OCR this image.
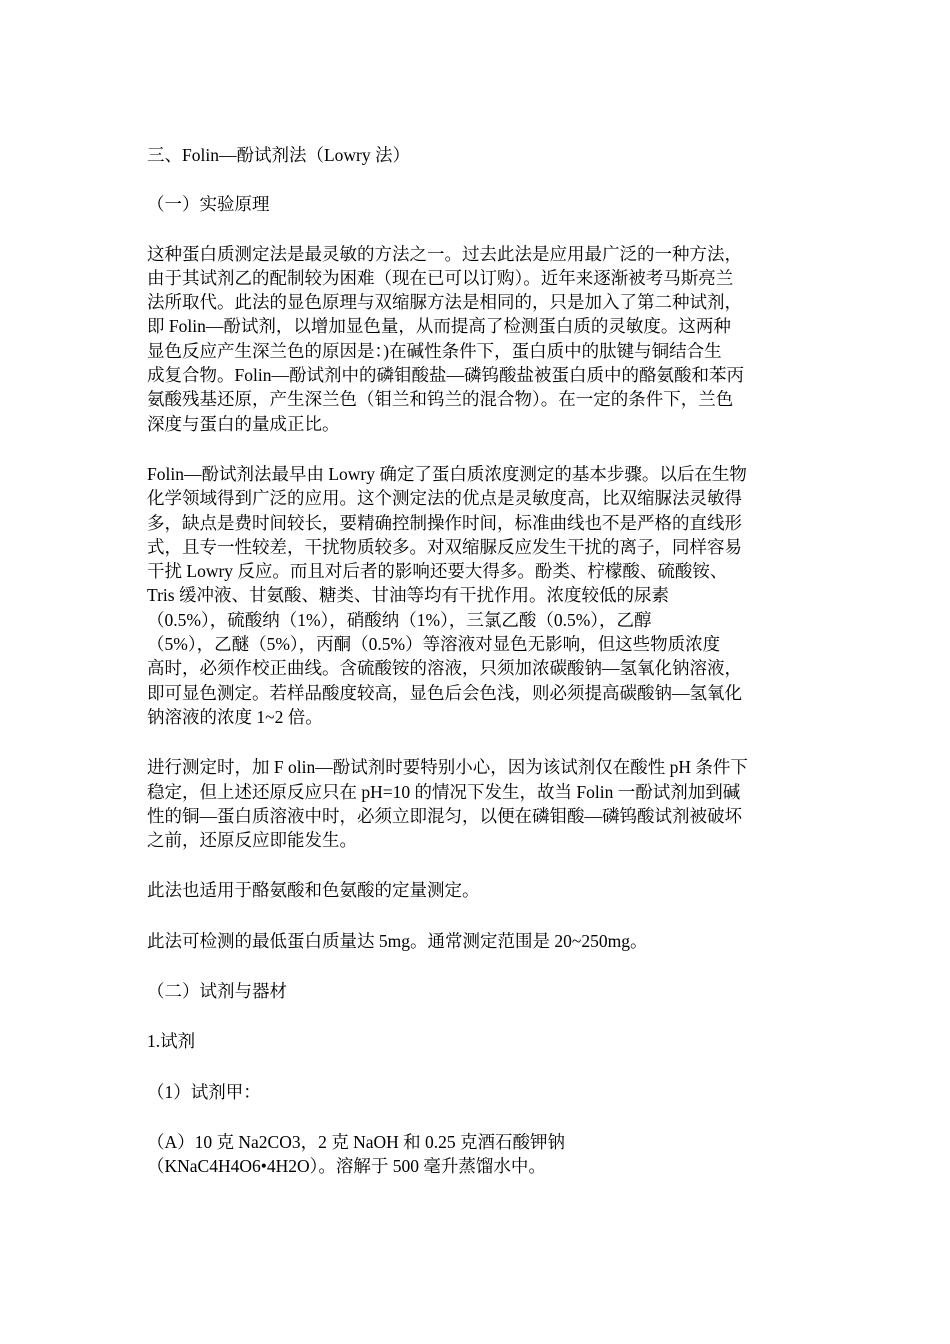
三、Folin—酚试剂法（Lowry 法）
（一）实验原理
这种蛋白质测定法是最灵敏的方法之一。过去此法是应用最广泛的一种方法，
由于其试剂乙的配制较为困难（现在已可以订购）。近年来逐渐被考马斯亮兰
法所取代。此法的显色原理与双缩脲方法是相同的，只是加入了第二种试剂，
即 Folin—酚试剂，以增加显色量，从而提高了检测蛋白质的灵敏度。这两种
显色反应产生深兰色的原因是：)在碱性条件下，蛋白质中的肽键与铜结合生
成复合物。Folin—酚试剂中的磷钼酸盐—磷钨酸盐被蛋白质中的酪氨酸和苯丙
氨酸残基还原，产生深兰色（钼兰和钨兰的混合物）。在一定的条件下，兰色
深度与蛋白的量成正比。
Folin—酚试剂法最早由 Lowry 确定了蛋白质浓度测定的基本步骤。以后在生物
化学领域得到广泛的应用。这个测定法的优点是灵敏度高，比双缩脲法灵敏得
多，缺点是费时间较长，要精确控制操作时间，标准曲线也不是严格的直线形
式，且专一性较差，干扰物质较多。对双缩脲反应发生干扰的离子，同样容易
干扰 Lowry 反应。而且对后者的影响还要大得多。酚类、柠檬酸、硫酸铵、
Tris 缓冲液、甘氨酸、糖类、甘油等均有干扰作用。浓度较低的尿素
（0.5%），硫酸纳（1%），硝酸纳（1%），三氯乙酸（0.5%），乙醇
（5%），乙醚（5%），丙酮（0.5%）等溶液对显色无影响，但这些物质浓度
高时，必须作校正曲线。含硫酸铵的溶液，只须加浓碳酸钠—氢氧化钠溶液，
即可显色测定。若样品酸度较高，显色后会色浅，则必须提高碳酸钠—氢氧化
钠溶液的浓度 1~2 倍。
进行测定时，加 F olin—酚试剂时要特别小心，因为该试剂仅在酸性 pH 条件下
稳定，但上述还原反应只在 pH=10 的情况下发生，故当 Folin 一酚试剂加到碱
性的铜—蛋白质溶液中时，必须立即混匀，以便在磷钼酸—磷钨酸试剂被破坏
之前，还原反应即能发生。
此法也适用于酪氨酸和色氨酸的定量测定。
此法可检测的最低蛋白质量达 5mg。通常测定范围是 20~250mg。
（二）试剂与器材
1.试剂
（1）试剂甲：
（A）10 克 Na2CO3，2 克 NaOH 和 0.25 克酒石酸钾钠
（KNaC4H4O6•4H2O）。溶解于 500 毫升蒸馏水中。
